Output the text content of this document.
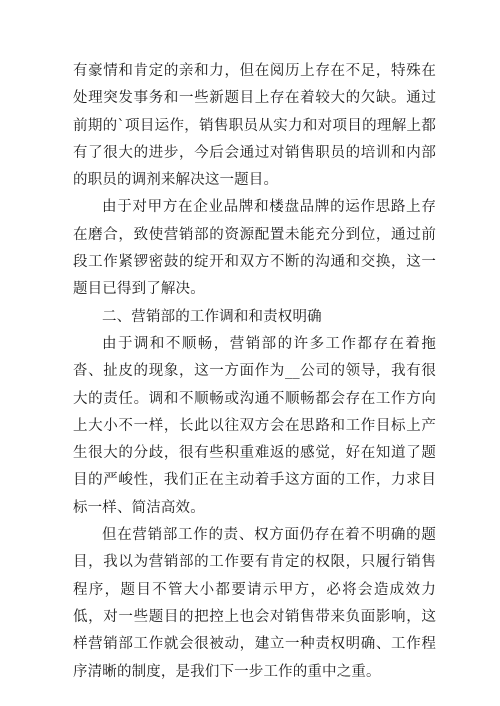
有豪情和肯定的亲和力，但在阅历上存在不足，特殊在处理突发事务和一些新题目上存在着较大的欠缺。通过前期的`项目运作，销售职员从实力和对项目的理解上都有了很大的进步，今后会通过对销售职员的培训和内部的职员的调剂来解决这一题目。

由于对甲方在企业品牌和楼盘品牌的运作思路上存在磨合，致使营销部的资源配置未能充分到位，通过前段工作紧锣密鼓的绽开和双方不断的沟通和交换，这一题目已得到了解决。

二、营销部的工作调和和责权明确

由于调和不顺畅，营销部的许多工作都存在着拖沓、扯皮的现象，这一方面作为__公司的领导，我有很大的责任。调和不顺畅或沟通不顺畅都会存在工作方向上大小不一样，长此以往双方会在思路和工作目标上产生很大的分歧，很有些积重难返的感觉，好在知道了题目的严峻性，我们正在主动着手这方面的工作，力求目标一样、简洁高效。

但在营销部工作的责、权方面仍存在着不明确的题目，我以为营销部的工作要有肯定的权限，只履行销售程序，题目不管大小都要请示甲方，必将会造成效力低，对一些题目的把控上也会对销售带来负面影响，这样营销部工作就会很被动，建立一种责权明确、工作程序清晰的制度，是我们下一步工作的重中之重。
